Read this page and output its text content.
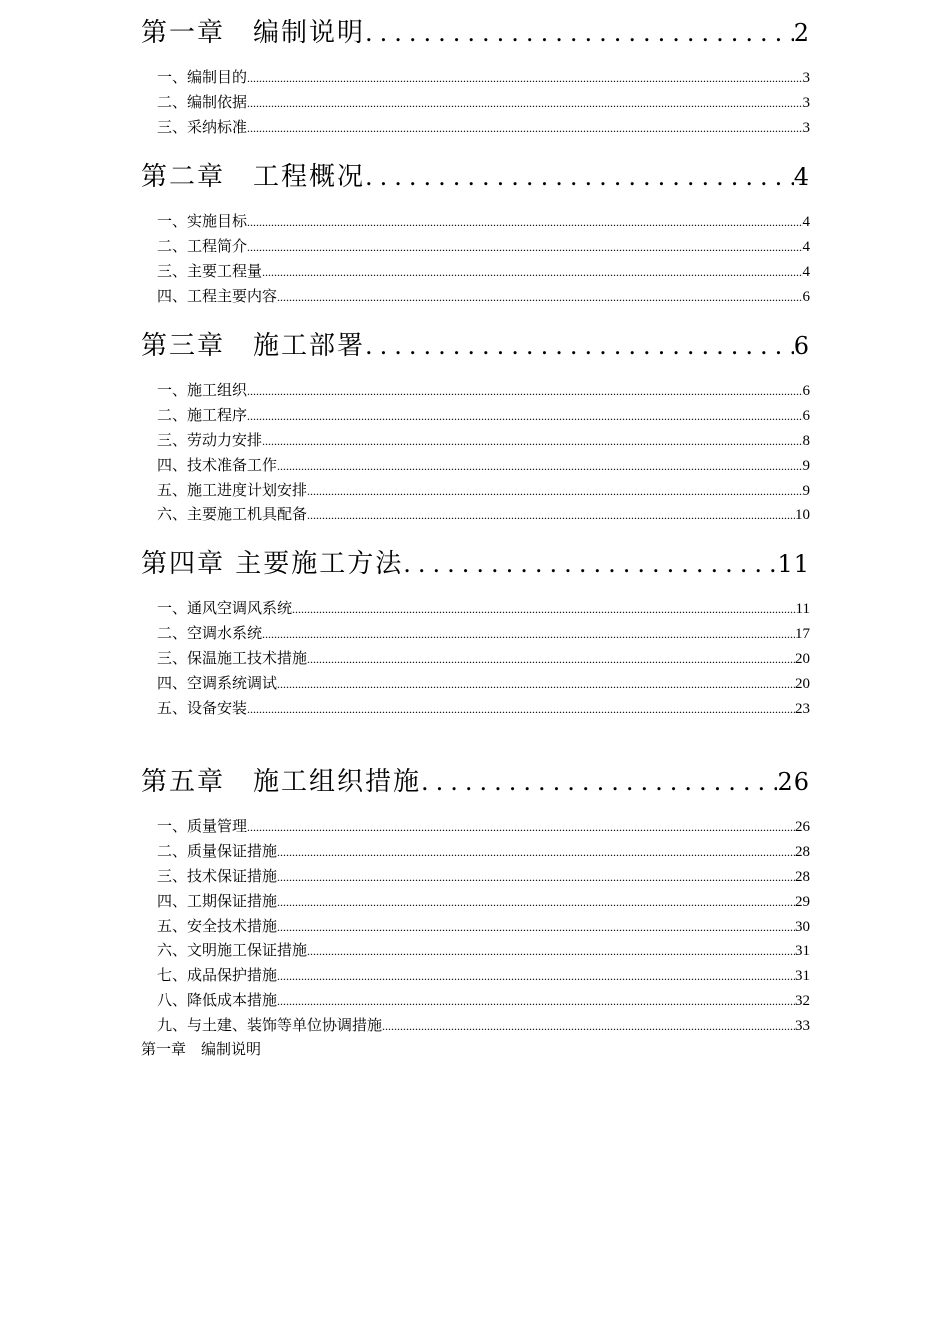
第一章　编制说明 .....	2
一、编制目的 .....	3
二、编制依据 .....	3
三、采纳标准 .....	3
第二章　工程概况 .....	4
一、实施目标 .....	4
二、工程简介 .....	4
三、主要工程量 .....	4
四、工程主要内容 .....	6
第三章　施工部署 .....	6
一、施工组织 .....	6
二、施工程序 .....	6
三、劳动力安排 .....	8
四、技术准备工作 .....	9
五、施工进度计划安排 .....	9
六、主要施工机具配备 .....	10
第四章 主要施工方法 .....	11
一、通风空调风系统 .....	11
二、空调水系统 .....	17
三、保温施工技术措施 .....	20
四、空调系统调试 .....	20
五、设备安装 .....	23
第五章　施工组织措施 .....	26
一、质量管理 .....	26
二、质量保证措施 .....	28
三、技术保证措施 .....	28
四、工期保证措施 .....	29
五、安全技术措施 .....	30
六、文明施工保证措施 .....	31
七、成品保护措施 .....	31
八、降低成本措施 .....	32
九、与土建、装饰等单位协调措施 .....	33
第一章　编制说明
